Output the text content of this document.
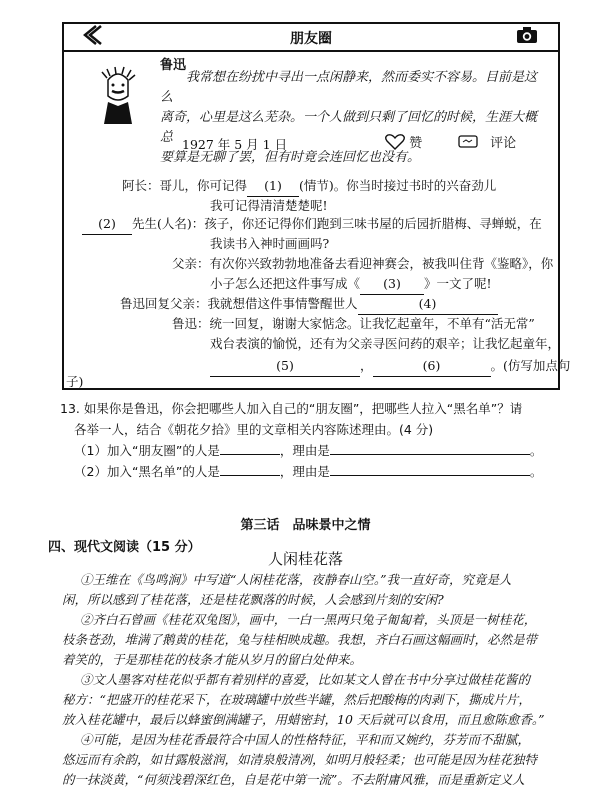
朋友圈
鲁迅
我常想在纷扰中寻出一点闲静来，然而委实不容易。目前是这么
离奇，心里是这么芜杂。一个人做到只剩了回忆的时候，生涯大概总
要算是无聊了罢，但有时竟会连回忆也没有。
1927 年 5 月 1 日	赞	评论
阿长：哥儿，你可记得 (1) (情节)。你当时接过书时的兴奋劲儿
我可记得清清楚楚呢!
(2) 先生(人名)：孩子，你还记得你们跑到三味书屋的后园折腊梅、寻蝉蜕，在
我读书入神时画画吗?
父亲：有次你兴致勃勃地准备去看迎神赛会，被我叫住背《鉴略》，你
小子怎么还把这件事写成《 (3) 》一文了呢!
鲁迅回复父亲：我就想借这件事情警醒世人	(4)
鲁迅：统一回复，谢谢大家惦念。让我忆起童年，不单有“活无常”
戏台表演的愉悦，还有为父亲寻医问药的艰辛；让我忆起童年，
(5)	，	(6)	。(仿写加点句
子)
13. 如果你是鲁迅，你会把哪些人加入自己的“朋友圈”，把哪些人拉入“黑名单”？请
各举一人，结合《朝花夕拾》里的文章相关内容陈述理由。(4 分)
（1）加入“朋友圈”的人是	，理由是	。
（2）加入“黑名单”的人是	，理由是	。
第三话　品味景中之情
四、现代文阅读（15 分）
人闲桂花落
①王维在《鸟鸣涧》中写道“人闲桂花落，夜静春山空。”我一直好奇，究竟是人
闲，所以感到了桂花落，还是桂花飘落的时候，人会感到片刻的安闲?
②齐白石曾画《桂花双兔图》，画中，一白一黑两只兔子匍匐着，头顶是一树桂花，
枝条苍劲，堆满了鹅黄的桂花，兔与桂相映成趣。我想，齐白石画这幅画时，必然是带
着笑的，于是那桂花的枝条才能从岁月的留白处伸来。
③文人墨客对桂花似乎都有着别样的喜爱，比如某文人曾在书中分享过做桂花酱的
秘方：“把盛开的桂花采下，在玻璃罐中放些半罐，然后把酸梅的肉剥下，撕成片片，
放入桂花罐中，最后以蜂蜜倒满罐子，用蜡密封，10 天后就可以食用，而且愈陈愈香。”
④可能，是因为桂花香最符合中国人的性格特征，平和而又婉约，芬芳而不甜腻，
悠远而有余韵，如甘露般滋润，如清泉般清冽，如明月般轻柔；也可能是因为桂花独特
的一抹淡黄，“何须浅碧深红色，自是花中第一流”。不去附庸风雅，而是重新定义人
